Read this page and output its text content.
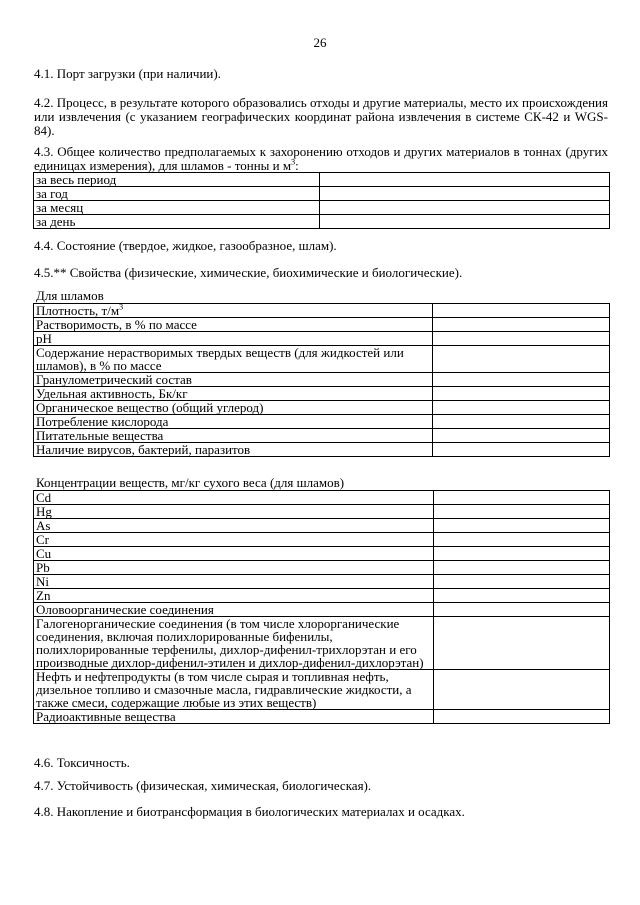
26
4.1. Порт загрузки (при наличии).
4.2. Процесс, в результате которого образовались отходы и другие материалы, место их происхождения или извлечения (с указанием географических координат района извлечения в системе СК-42 и WGS-84).
4.3. Общее количество предполагаемых к захоронению отходов и других материалов в тоннах (других единицах измерения), для шламов - тонны и $м^3$:
за весь период	
за год	
за месяц	
за день	
4.4. Состояние (твердое, жидкое, газообразное, шлам).
4.5.** Свойства (физические, химические, биохимические и биологические).
Для шламов
Плотность, $т/м^3$	
Растворимость, в % по массе	
pH	
Содержание нерастворимых твердых веществ (для жидкостей или шламов), в % по массе	
Гранулометрический состав	
Удельная активность, Бк/кг	
Органическое вещество (общий углерод)	
Потребление кислорода	
Питательные вещества	
Наличие вирусов, бактерий, паразитов	
Концентрации веществ, мг/кг сухого веса (для шламов)
Cd	
Hg	
As	
Cr	
Cu	
Pb	
Ni	
Zn	
Оловоорганические соединения	
Галогенорганические соединения (в том числе хлорорганические соединения, включая полихлорированные бифенилы, полихлорированные терфенилы, дихлор-дифенил-трихлорэтан и его производные дихлор-дифенил-этилен и дихлор-дифенил-дихлорэтан)	
Нефть и нефтепродукты (в том числе сырая и топливная нефть, дизельное топливо и смазочные масла, гидравлические жидкости, а также смеси, содержащие любые из этих веществ)	
Радиоактивные вещества	
4.6. Токсичность.
4.7. Устойчивость (физическая, химическая, биологическая).
4.8. Накопление и биотрансформация в биологических материалах и осадках.
